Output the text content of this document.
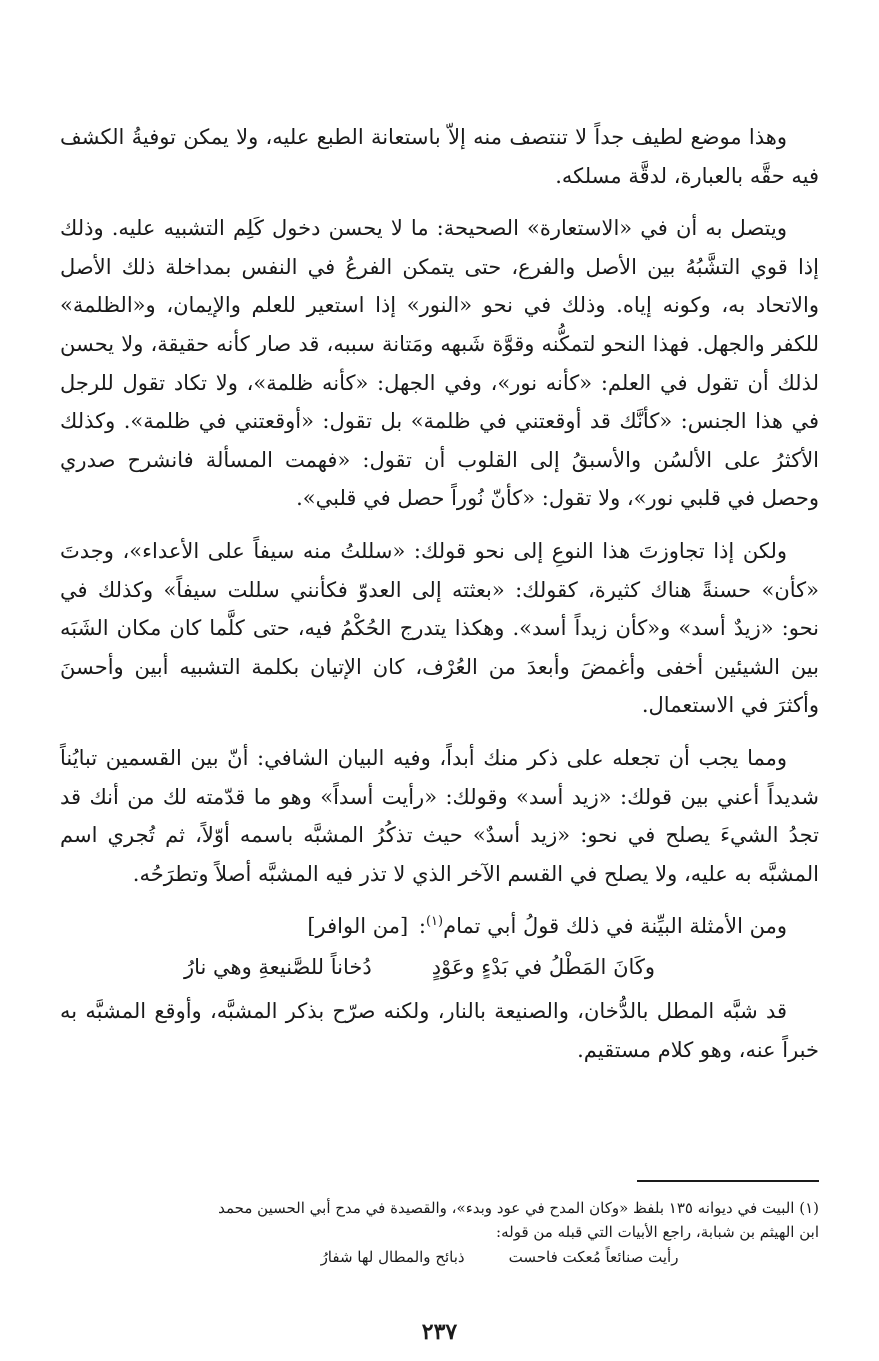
وهذا موضع لطيف جداً لا تنتصف منه إلاّ باستعانة الطبع عليه، ولا يمكن توفيةُ الكشف فيه حقَّه بالعبارة، لدقَّة مسلكه.

ويتصل به أن في «الاستعارة» الصحيحة: ما لا يحسن دخول كَلِم التشبيه عليه. وذلك إذا قوي التشَّبُهُ بين الأصل والفرع، حتى يتمكن الفرعُ في النفس بمداخلة ذلك الأصل والاتحاد به، وكونه إياه. وذلك في نحو «النور» إذا استعير للعلم والإيمان، و«الظلمة» للكفر والجهل. فهذا النحو لتمكُّنه وقوَّة شَبهه ومَتانة سببه، قد صار كأنه حقيقة، ولا يحسن لذلك أن تقول في العلم: «كأنه نور»، وفي الجهل: «كأنه ظلمة»، ولا تكاد تقول للرجل في هذا الجنس: «كأنَّك قد أوقعتني في ظلمة» بل تقول: «أوقعتني في ظلمة». وكذلك الأكثرُ على الألسُن والأسبقُ إلى القلوب أن تقول: «فهمت المسألة فانشرح صدري وحصل في قلبي نور»، ولا تقول: «كأنّ نُوراً حصل في قلبي».

ولكن إذا تجاوزتَ هذا النوعِ إلى نحو قولك: «سللتُ منه سيفاً على الأعداء»، وجدتَ «كأن» حسنةً هناك كثيرة، كقولك: «بعثته إلى العدوّ فكأنني سللت سيفاً» وكذلك في نحو: «زيدٌ أسد» و«كأن زيداً أسد». وهكذا يتدرج الحُكْمُ فيه، حتى كلَّما كان مكان الشَبَه بين الشيئين أخفى وأغمضَ وأبعدَ من العُرْف، كان الإتيان بكلمة التشبيه أبين وأحسنَ وأكثرَ في الاستعمال.

ومما يجب أن تجعله على ذكر منك أبداً، وفيه البيان الشافي: أنّ بين القسمين تبايُناً شديداً أعني بين قولك: «زيد أسد» وقولك: «رأيت أسداً» وهو ما قدّمته لك من أنك قد تجدُ الشيءَ يصلح في نحو: «زيد أسدٌ» حيث تذكُرُ المشبَّه باسمه أوّلاً، ثم تُجري اسم المشبَّه به عليه، ولا يصلح في القسم الآخر الذي لا تذر فيه المشبَّه أصلاً وتطرَحُه.

ومن الأمثلة البيِّنة في ذلك قولُ أبي تمام$^{(١)}$: [من الوافر]

وكَانَ المَطْلُ في بَدْءٍ وعَوْدٍ
دُخاناً للصَّنيعةِ وهي نارُ

قد شبَّه المطل بالدُّخان، والصنيعة بالنار، ولكنه صرّح بذكر المشبَّه، وأوقع المشبَّه به خبراً عنه، وهو كلام مستقيم.

(١) البيت في ديوانه ١٣٥ بلفظ «وكان المدح في عود وبدء»، والقصيدة في مدح أبي الحسين محمد

ابن الهيثم بن شبابة، راجع الأبيات التي قبله من قوله:

رأيت صنائعاً مُعكت فاحست
ذبائح والمطال لها شفارُ
٢٣٧
